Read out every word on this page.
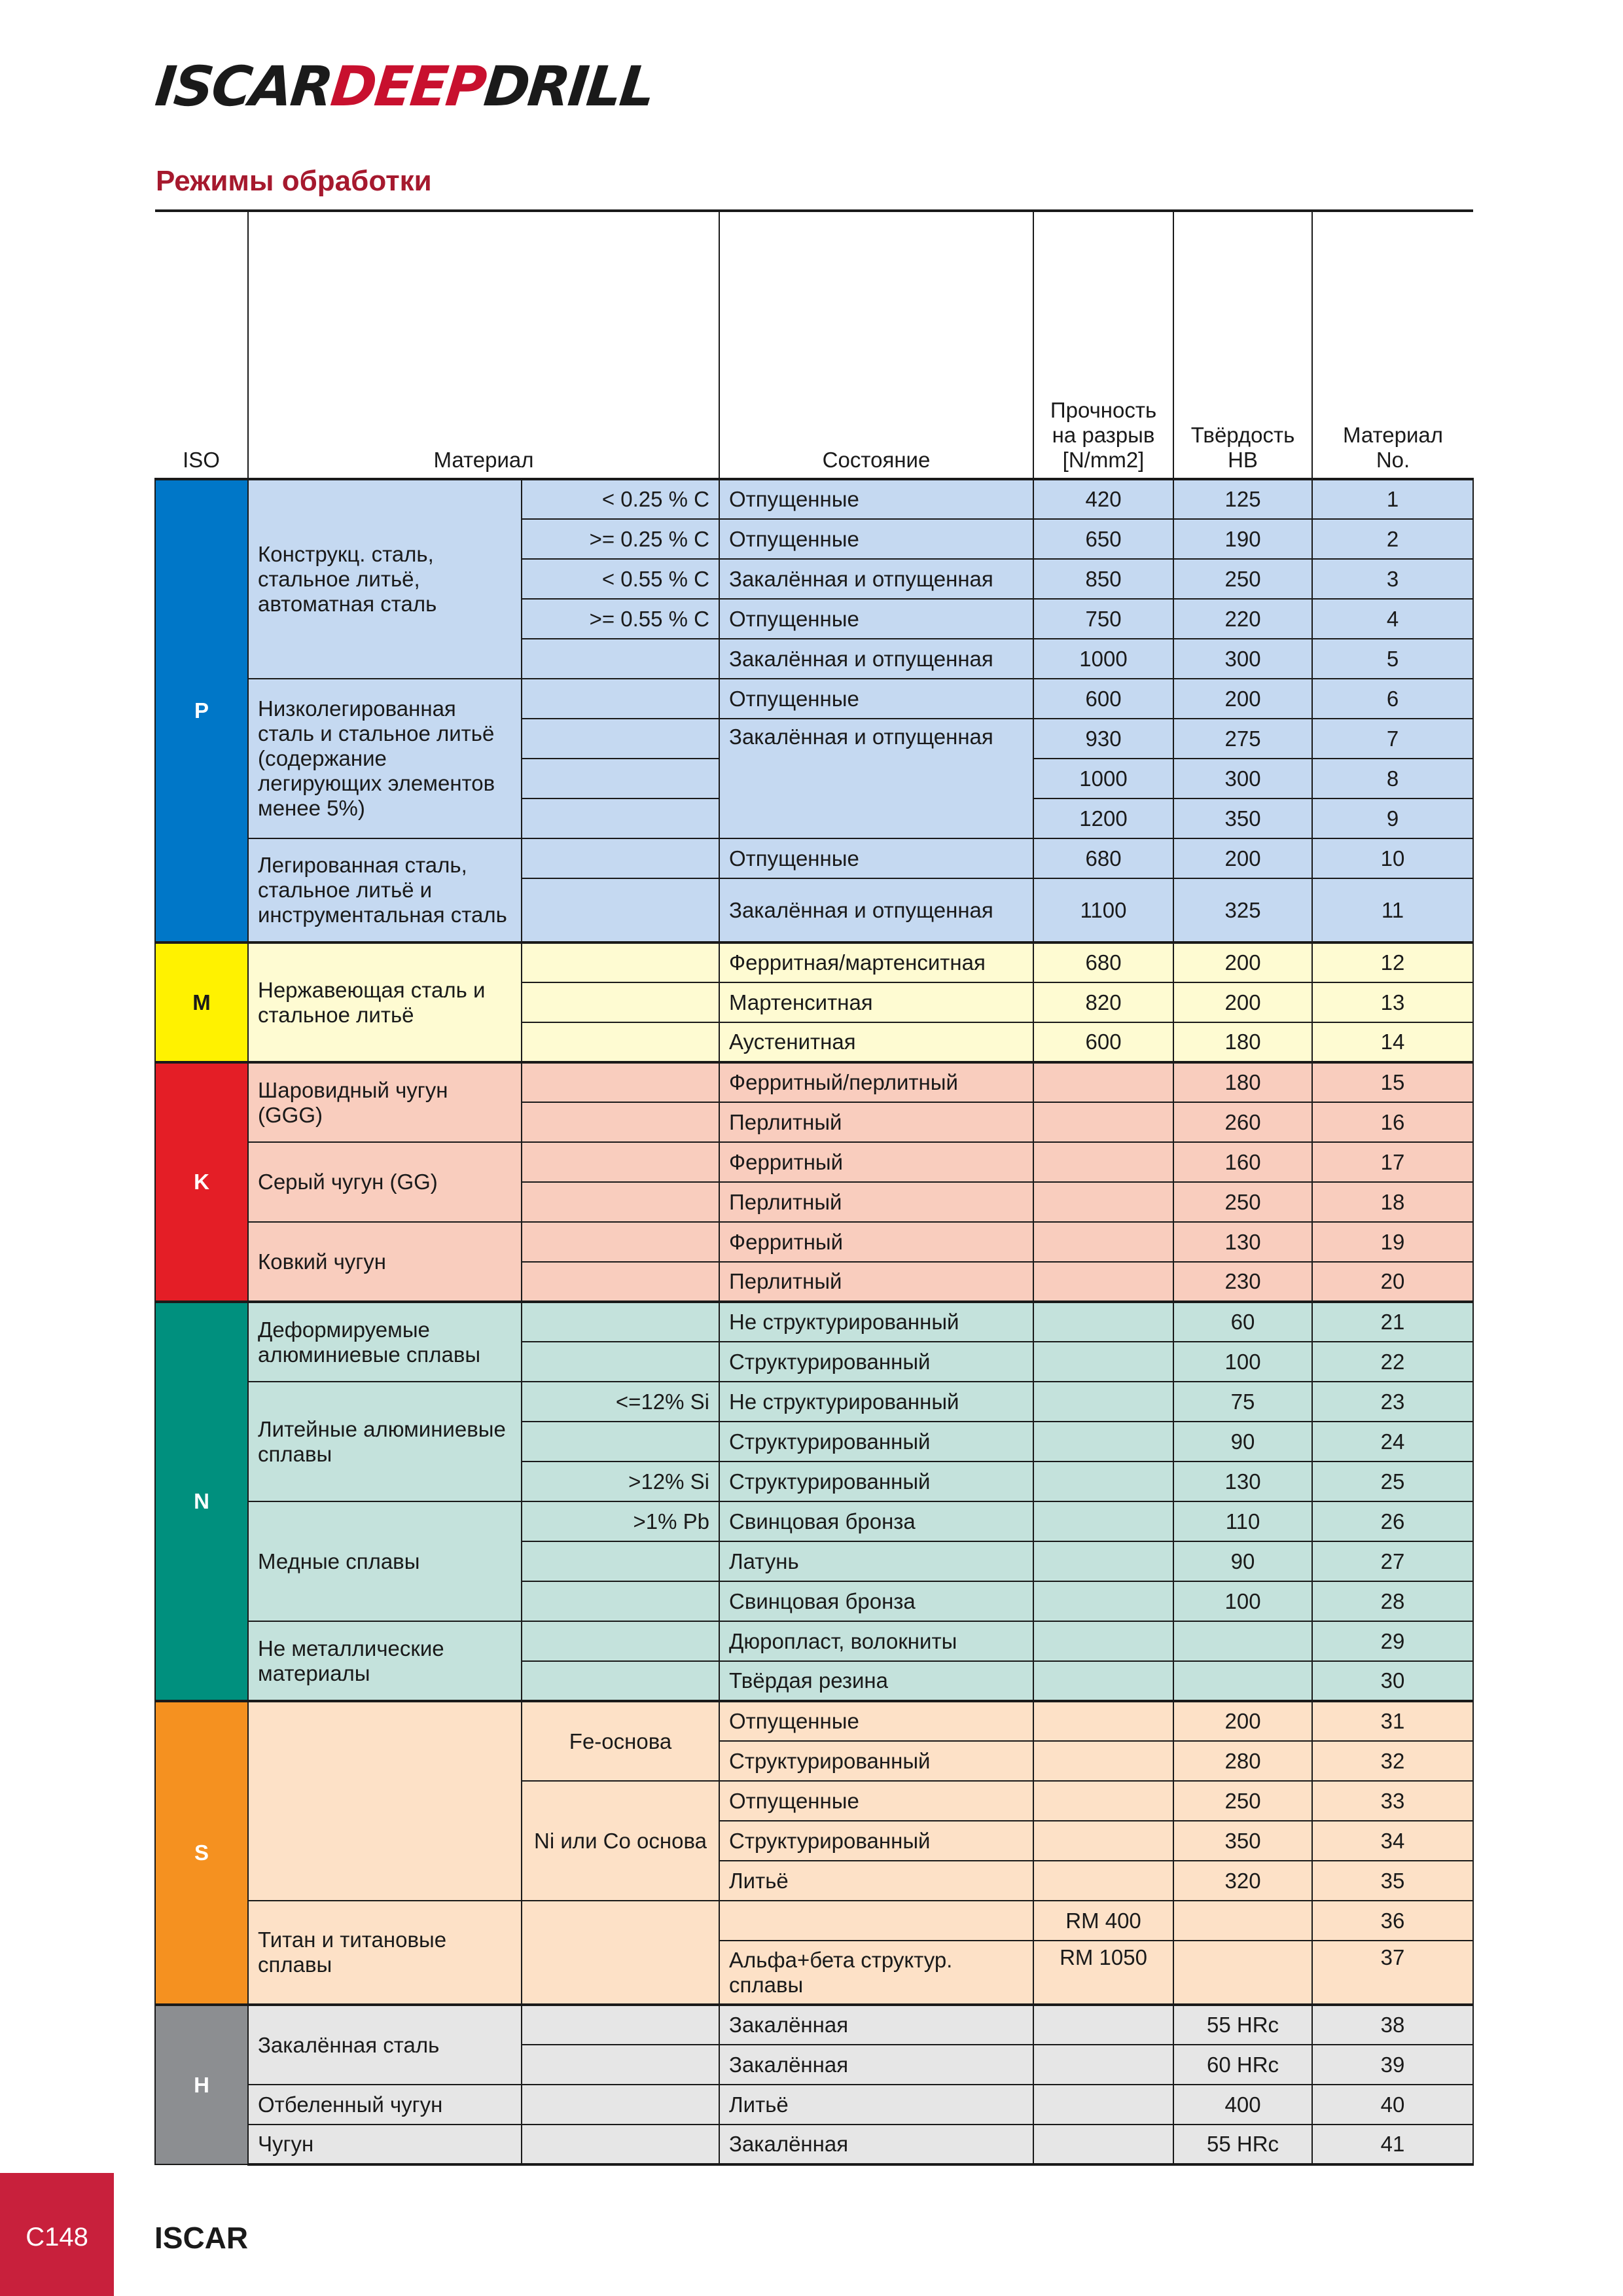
ISCARDEEPDRILL
Режимы обработки
ISO	Материал		Состояние	Прочность
на разрыв
[N/mm2]	Твёрдость
HB	Материал
No.
P	Конструкц. сталь, стальное литьё, автоматная сталь	< 0.25 % C	Отпущенные	420	125	1
		>= 0.25 % C	Отпущенные	650	190	2
		< 0.55 % C	Закалённая и отпущенная	850	250	3
		>= 0.55 % C	Отпущенные	750	220	4
			Закалённая и отпущенная	1000	300	5
	Низколегированная сталь и стальное литьё (содержание легирующих элементов менее 5%)		Отпущенные	600	200	6
			Закалённая и отпущенная	930	275	7
				1000	300	8
				1200	350	9
	Легированная сталь, стальное литьё и инструментальная сталь		Отпущенные	680	200	10
			Закалённая и отпущенная	1100	325	11
M	Нержавеющая сталь и стальное литьё		Ферритная/мартенситная	680	200	12
			Мартенситная	820	200	13
			Аустенитная	600	180	14
K	Шаровидный чугун (GGG)		Ферритный/перлитный		180	15
			Перлитный		260	16
	Серый чугун (GG)		Ферритный		160	17
			Перлитный		250	18
	Ковкий чугун		Ферритный		130	19
			Перлитный		230	20
N	Деформируемые алюминиевые сплавы		Не структурированный		60	21
			Структурированный		100	22
	Литейные алюминиевые сплавы	<=12% Si	Не структурированный		75	23
			Структурированный		90	24
		>12% Si	Структурированный		130	25
	Медные сплавы	>1% Pb	Свинцовая бронза		110	26
			Латунь		90	27
			Свинцовая бронза		100	28
	Не металлические материалы		Дюропласт, волокниты			29
			Твёрдая резина			30
S		Fe-основа	Отпущенные		200	31
			Структурированный		280	32
		Ni или Co основа	Отпущенные		250	33
			Структурированный		350	34
			Литьё		320	35
	Титан и титановые сплавы			RM 400		36
			Альфа+бета структур. сплавы	RM 1050		37
H	Закалённая сталь		Закалённая		55 HRc	38
			Закалённая		60 HRc	39
	Отбеленный чугун		Литьё		400	40
	Чугун		Закалённая		55 HRc	41
C148	ISCAR
